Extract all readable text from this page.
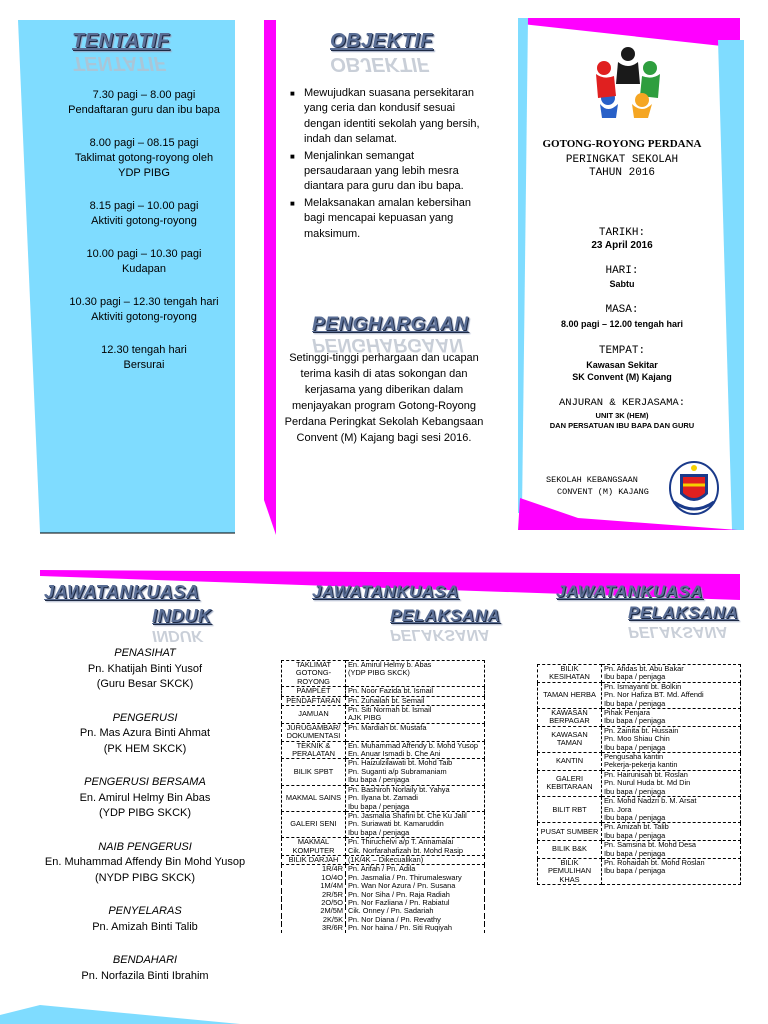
TENTATIF
TENTATIF
7.30 pagi – 8.00 pagi
Pendaftaran guru dan ibu bapa
8.00 pagi – 08.15 pagi
Taklimat gotong-royong oleh YDP PIBG
8.15 pagi – 10.00 pagi
Aktiviti gotong-royong
10.00 pagi – 10.30 pagi
Kudapan
10.30 pagi – 12.30 tengah hari
Aktiviti gotong-royong
12.30 tengah hari
Bersurai
OBJEKTIF
OBJEKTIF
■ Mewujudkan suasana persekitaran yang ceria dan kondusif sesuai dengan identiti sekolah yang bersih, indah dan selamat.
■ Menjalinkan semangat persaudaraan yang lebih mesra diantara para guru dan ibu bapa.
■ Melaksanakan amalan kebersihan bagi mencapai kepuasan yang maksimum.
PENGHARGAAN
PENGHARGAAN
Setinggi-tinggi perhargaan dan ucapan terima kasih di atas sokongan dan kerjasama yang diberikan dalam menjayakan program Gotong-Royong Perdana Peringkat Sekolah Kebangsaan Convent (M) Kajang bagi sesi 2016.
GOTONG-ROYONG PERDANA
PERINGKAT SEKOLAH
TAHUN 2016
TARIKH:
23 April 2016
HARI:
Sabtu
MASA:
8.00 pagi – 12.00 tengah hari
TEMPAT:
Kawasan Sekitar
SK Convent (M) Kajang
ANJURAN & KERJASAMA:
UNIT 3K (HEM)
DAN PERSATUAN IBU BAPA DAN GURU
SEKOLAH KEBANGSAAN
CONVENT (M) KAJANG
JAWATANKUASA
INDUK
INDUK
PENASIHAT
Pn. Khatijah Binti Yusof
(Guru Besar SKCK)
PENGERUSI
Pn. Mas Azura Binti Ahmat
(PK HEM SKCK)
PENGERUSI BERSAMA
En. Amirul Helmy Bin Abas
(YDP PIBG SKCK)
NAIB PENGERUSI
En. Muhammad Affendy Bin Mohd Yusop
(NYDP PIBG SKCK)
PENYELARAS
Pn. Amizah Binti Talib
BENDAHARI
Pn. Norfazila Binti Ibrahim
JAWATANKUASA
PELAKSANA
PELAKSANA
TAKLIMAT GOTONG-ROYONG	En. Amirul Helmy b. Abas
(YDP PIBG SKCK)

PAMPLET	Pn. Noor Fazida bt. Ismail

PENDAFTARAN	Pn. Zuhailah bt. Semail

JAMUAN	Pn. Siti Normah bt. Ismail
AJK PIBG

JURUGAMBAR/ DOKUMENTASI	Pn. Mardiah bt. Mustafa

TEKNIK & PERALATAN	En. Muhammad Affendy b. Mohd Yusop
En. Anuar Ismadi b. Che Ani

BILIK SPBT	Pn. Haizulzilawati bt. Mohd Taib
Pn. Suganti a/p Subramaniam
Ibu bapa / penjaga

MAKMAL SAINS	Pn. Bashiroh Norlaily bt. Yahya
Pn. Ilyana bt. Zamadi
Ibu bapa / penjaga

GALERI SENI	Pn. Jasmalia Shafini bt. Che Ku Jalil
Pn. Suriawati bt. Kamaruddin
Ibu bapa / penjaga

MAKMAL KOMPUTER	Pn. Thiruchelvi a/p T. Annamalai
Cik. Norfarahafizah bt. Mohd Rasip

BILIK DARJAH	(1K/4K – Dikecualikan)

1R/4R	Pn. Arifah / Pn. Adila
1O/4O	Pn. Jasmalia / Pn. Thirumaleswary
1M/4M	Pn. Wan Nor Azura / Pn. Susana
2R/5R	Pn. Nor Siha / Pn. Raja Radiah
2O/5O	Pn. Nor Fazliana / Pn. Rabiatul
2M/5M	Cik. Onney / Pn. Sadariah
2K/5K	Pn. Nor Diana / Pn. Revathy
3R/6R	Pn. Nor haina / Pn. Siti Ruqiyah
JAWATANKUASA
PELAKSANA
PELAKSANA
BILIK KESIHATAN	Pn. Afidas bt. Abu Bakar
Ibu bapa / penjaga

TAMAN HERBA	Pn. Ismayanti bt. Bolkin
Pn. Nor Hafiza BT. Md. Affendi
Ibu bapa / penjaga

KAWASAN BERPAGAR	Pihak Penjara
Ibu bapa / penjaga

KAWASAN TAMAN	Pn. Zainita bt. Hussain
Pn. Moo Shiau Chin
Ibu bapa / penjaga

KANTIN	Pengusaha kantin
Pekerja-pekerja kantin

GALERI KEBITARAAN	Pn. Hairunisah bt. Roslan
Pn. Nurul Huda bt. Md Din
Ibu bapa / penjaga

BILIT RBT	En. Mohd Nadzri b. M. Arsat
En. Jora
Ibu bapa / penjaga

PUSAT SUMBER	Pn. Amizah bt. Talib
Ibu bapa / penjaga

BILIK B&K	Pn. Samsina bt. Mohd Desa
Ibu bapa / penjaga

BILIK PEMULIHAN KHAS	Pn. Rohaidah bt. Mohd Roslan
Ibu bapa / penjaga
